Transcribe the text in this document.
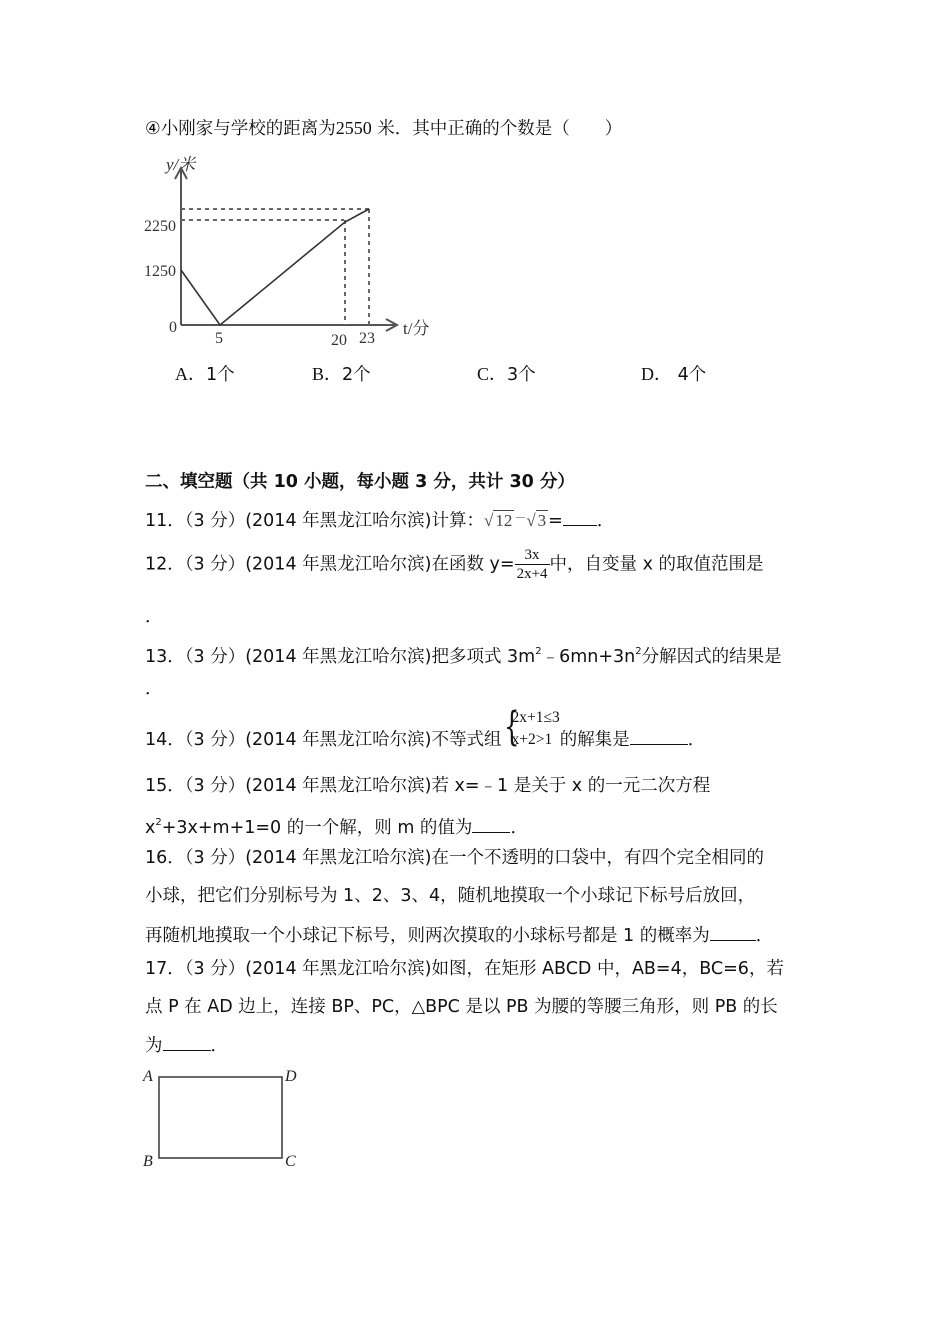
④小刚家与学校的距离为2550 米．其中正确的个数是（　　）
y/米
2250
1250
0
5	20 23
t/分
A．1个	B．2个	C．3个	D． 4个
二、填空题（共 10 小题，每小题 3 分，共计 30 分）
11．（3 分）(2014 年黑龙江哈尔滨)计算：√ 12 －√ 3 = ．
12．（3 分）(2014 年黑龙江哈尔滨)在函数 $y= \frac{3x}{2x+4}$ 中，自变量 x 的取值范围是
．
13．（3 分）(2014 年黑龙江哈尔滨)把多项式 $3m^2﹣6mn+3n^2$分解因式的结果是
．
14．（3 分）(2014 年黑龙江哈尔滨)不等式组 {
2x+1≤3
x+2>1 的解集是	．
15．（3 分）(2014 年黑龙江哈尔滨)若 x=﹣1 是关于 x 的一元二次方程
$x^2+3x+m+1=0$ 的一个解，则 m 的值为 ．
16．（3 分）(2014 年黑龙江哈尔滨)在一个不透明的口袋中，有四个完全相同的
小球，把它们分别标号为 1、2、3、4，随机地摸取一个小球记下标号后放回，
再随机地摸取一个小球记下标号，则两次摸取的小球标号都是 1 的概率为	．
17．（3 分）(2014 年黑龙江哈尔滨)如图，在矩形 ABCD 中，AB=4，BC=6，若
点 P 在 AD 边上，连接 BP、PC，△BPC 是以 PB 为腰的等腰三角形，则 PB 的长
为	．
A	D
B	C
